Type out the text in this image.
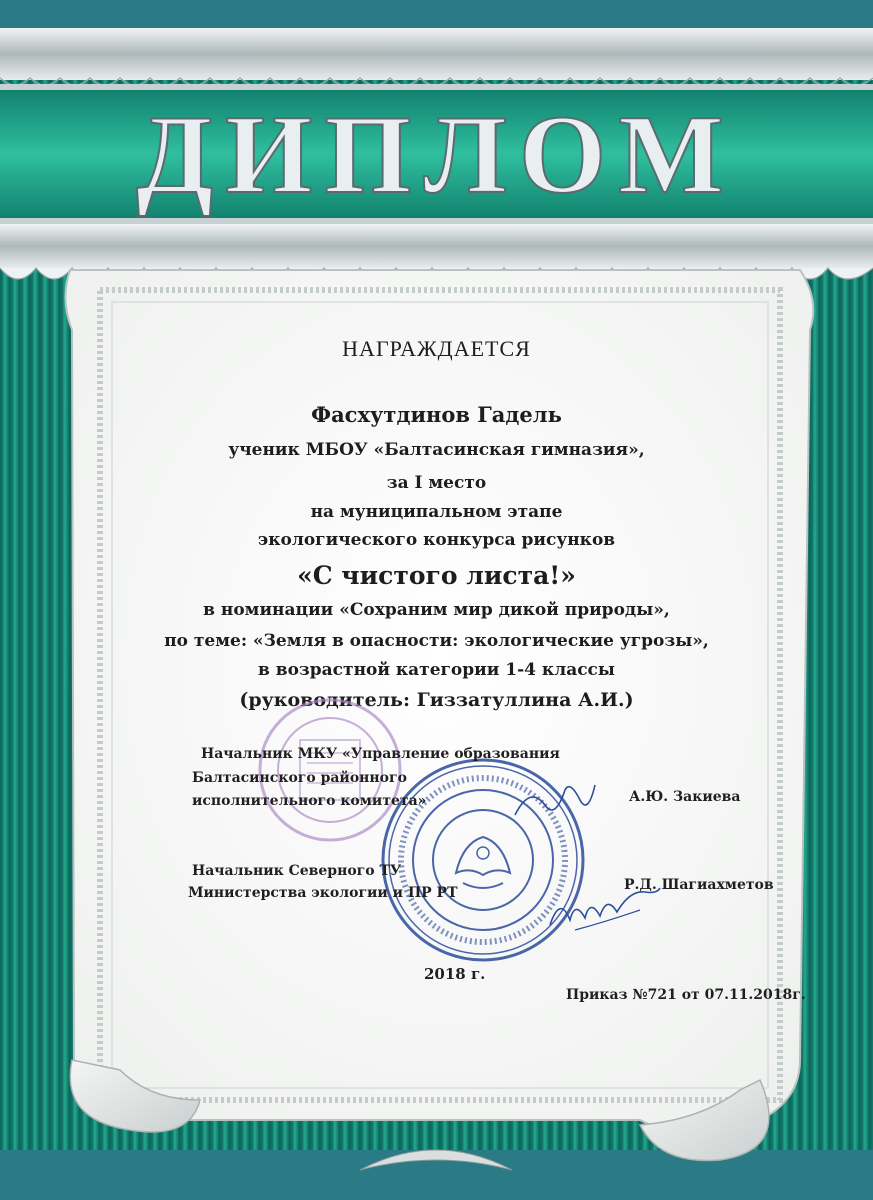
ДИПЛОМ
НАГРАЖДАЕТСЯ
Фасхутдинов Гадель
ученик МБОУ «Балтасинская гимназия»,
за I место
на муниципальном этапе
экологического конкурса рисунков
«С чистого листа!»
в номинации «Сохраним мир дикой природы»,
по теме: «Земля в опасности: экологические угрозы»,
в возрастной категории 1-4 классы
(руководитель: Гиззатуллина А.И.)
Начальник МКУ «Управление образования
Балтасинского районного
исполнительного комитета»	А.Ю. Закиева
Начальник Северного ТУ
Министерства экологии и ПР РТ	Р.Д. Шагиахметов
2018 г.
Приказ №721 от 07.11.2018г.
